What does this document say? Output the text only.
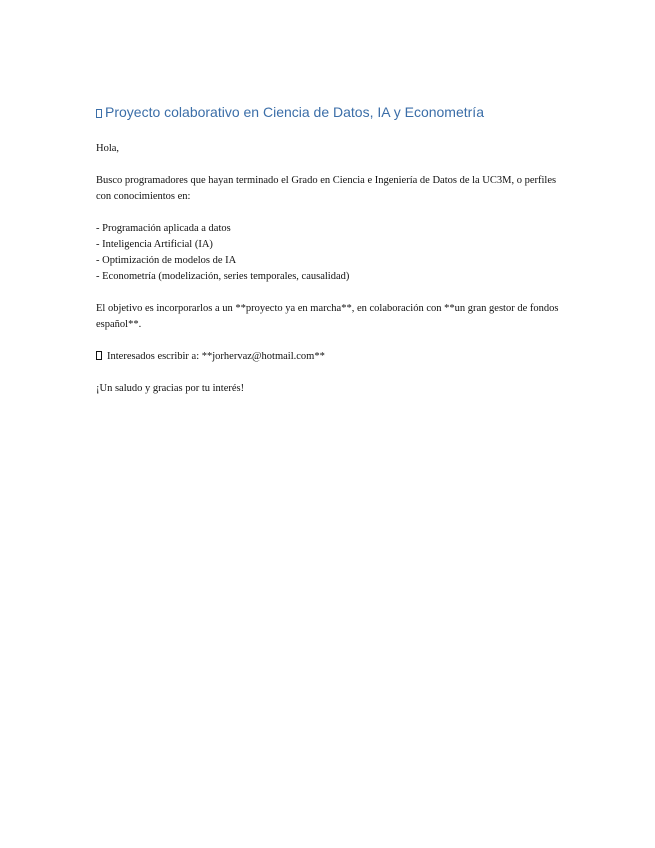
Proyecto colaborativo en Ciencia de Datos, IA y Econometría

Hola,

Busco programadores que hayan terminado el Grado en Ciencia e Ingeniería de Datos de la UC3M, o perfiles con conocimientos en:

- Programación aplicada a datos
- Inteligencia Artificial (IA)
- Optimización de modelos de IA
- Econometría (modelización, series temporales, causalidad)

El objetivo es incorporarlos a un **proyecto ya en marcha**, en colaboración con **un gran gestor de fondos español**.

Interesados escribir a: **jorhervaz@hotmail.com**

¡Un saludo y gracias por tu interés!
